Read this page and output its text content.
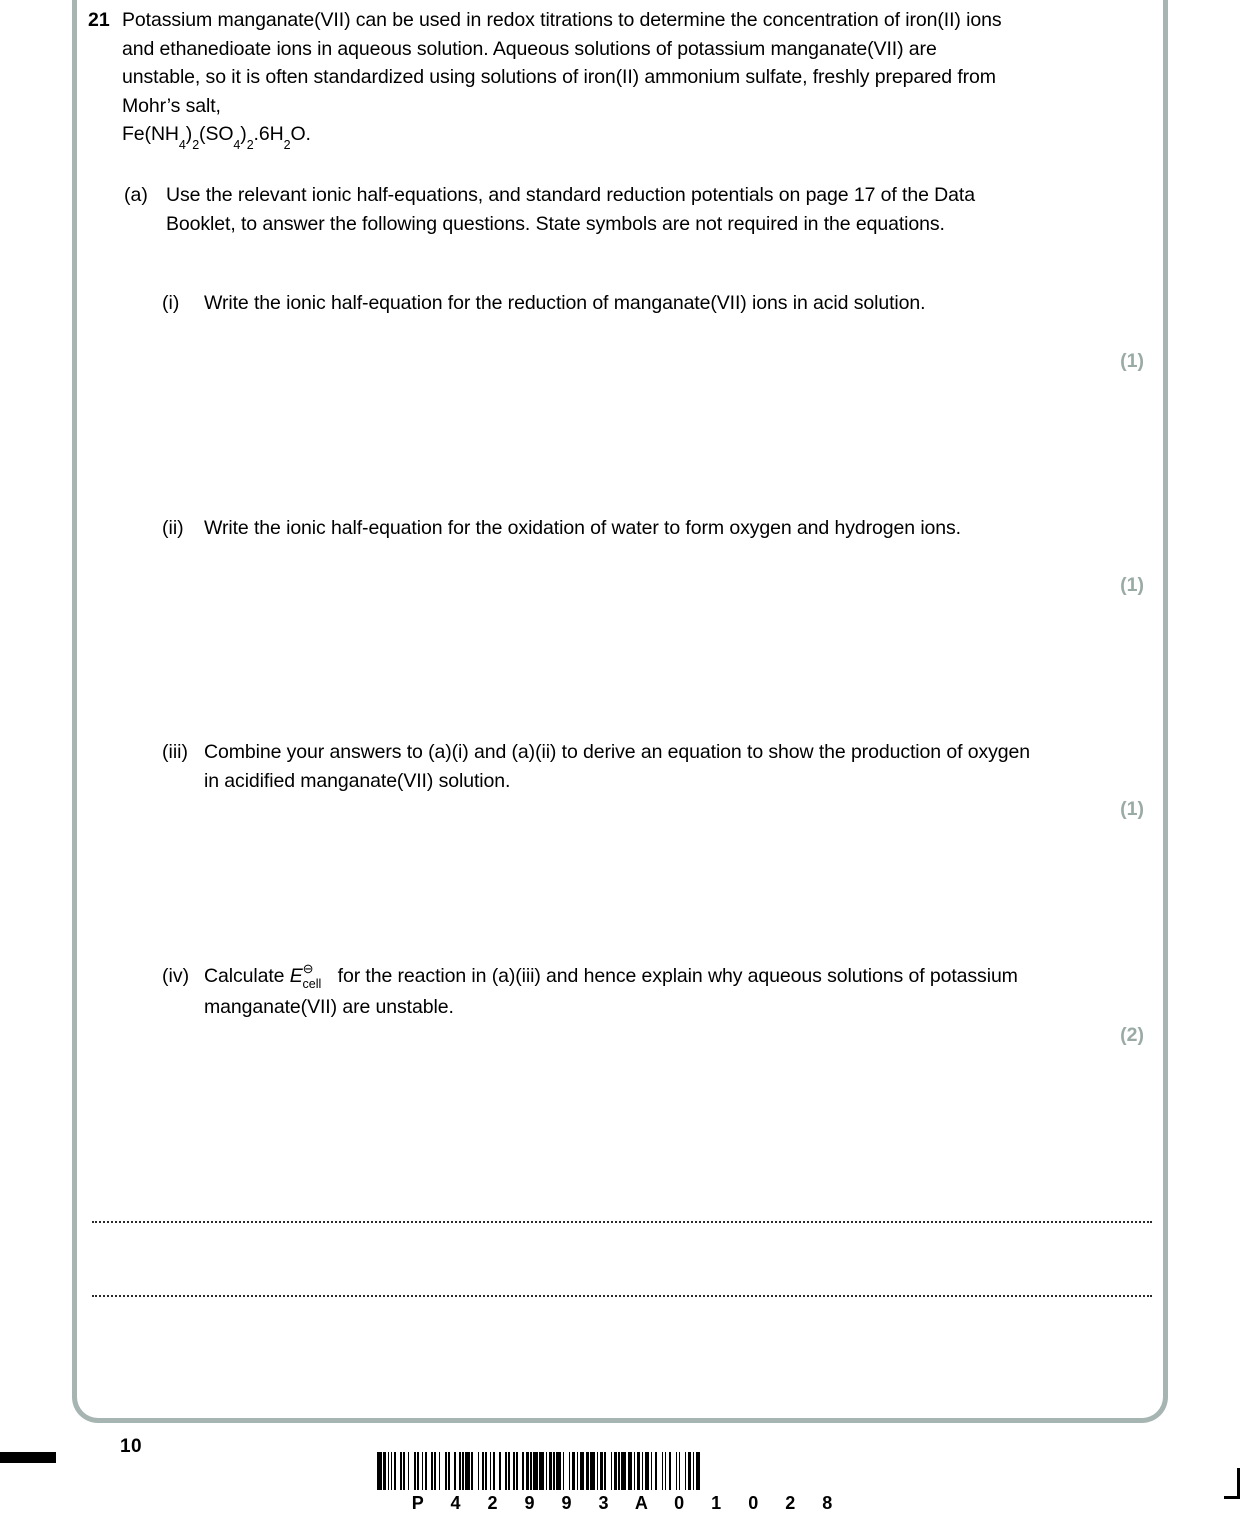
21 Potassium manganate(VII) can be used in redox titrations to determine the concentration of iron(II) ions and ethanedioate ions in aqueous solution. Aqueous solutions of potassium manganate(VII) are unstable, so it is often standardized using solutions of iron(II) ammonium sulfate, freshly prepared from Mohr’s salt,
$Fe(NH_4)_2(SO_4)_2.6H_2O$.
(a) Use the relevant ionic half-equations, and standard reduction potentials on page 17 of the Data Booklet, to answer the following questions. State symbols are not required in the equations.
(i)	Write the ionic half-equation for the reduction of manganate(VII) ions in acid solution.
(1)
(ii)	Write the ionic half-equation for the oxidation of water to form oxygen and hydrogen ions.
(1)
(iii) Combine your answers to (a)(i) and (a)(ii) to derive an equation to show the production of oxygen in acidified manganate(VII) solution.
(1)
(iv) Calculate $E^⊖_{cell}$ for the reaction in (a)(iii) and hence explain why aqueous solutions of potassium manganate(VII) are unstable.
(2)
10
P 4 2 9 9 3 A 0 1 0 2 8
